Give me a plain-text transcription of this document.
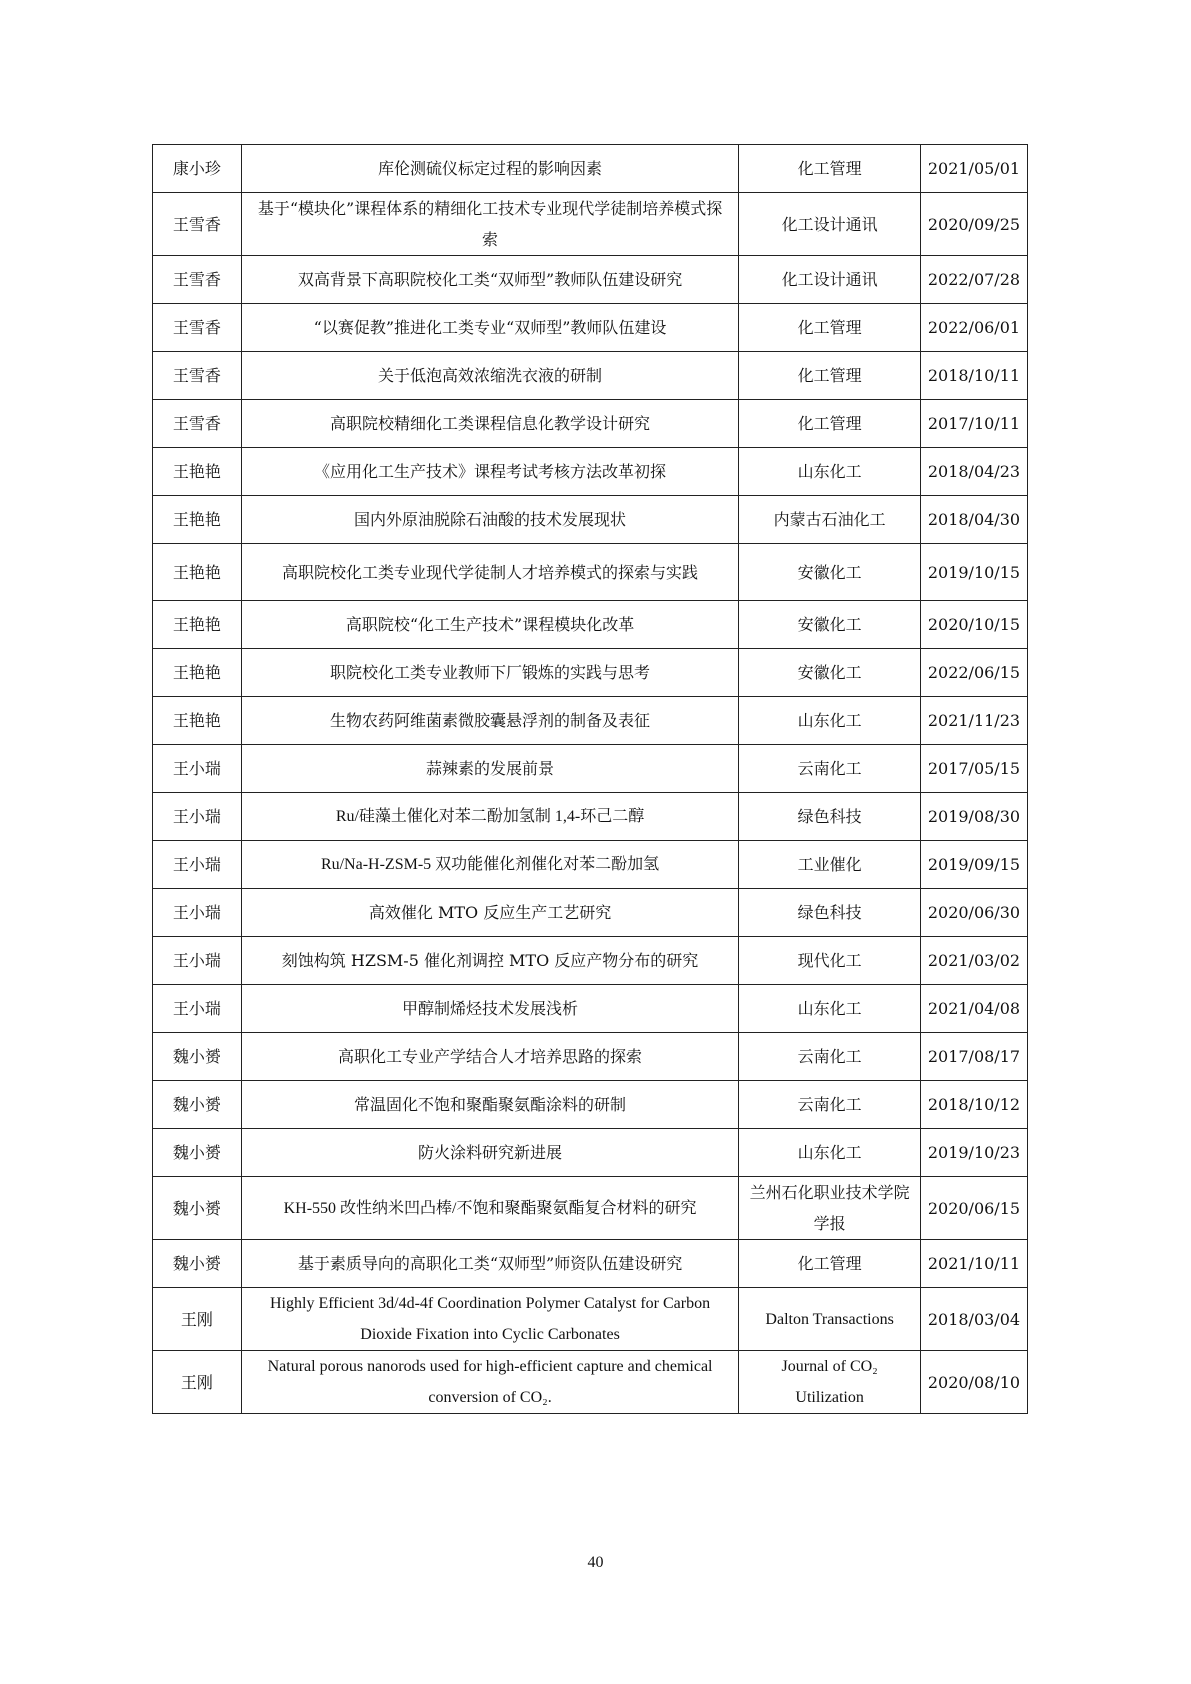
康小珍	库伦测硫仪标定过程的影响因素	化工管理	2021/05/01
王雪香	基于“模块化”课程体系的精细化工技术专业现代学徒制培养模式探索	化工设计通讯	2020/09/25
王雪香	双高背景下高职院校化工类“双师型”教师队伍建设研究	化工设计通讯	2022/07/28
王雪香	“以赛促教”推进化工类专业“双师型”教师队伍建设	化工管理	2022/06/01
王雪香	关于低泡高效浓缩洗衣液的研制	化工管理	2018/10/11
王雪香	高职院校精细化工类课程信息化教学设计研究	化工管理	2017/10/11
王艳艳	《应用化工生产技术》课程考试考核方法改革初探	山东化工	2018/04/23
王艳艳	国内外原油脱除石油酸的技术发展现状	内蒙古石油化工	2018/04/30
王艳艳	高职院校化工类专业现代学徒制人才培养模式的探索与实践	安徽化工	2019/10/15
王艳艳	高职院校“化工生产技术”课程模块化改革	安徽化工	2020/10/15
王艳艳	职院校化工类专业教师下厂锻炼的实践与思考	安徽化工	2022/06/15
王艳艳	生物农药阿维菌素微胶囊悬浮剂的制备及表征	山东化工	2021/11/23
王小瑞	蒜辣素的发展前景	云南化工	2017/05/15
王小瑞	Ru/硅藻土催化对苯二酚加氢制 1,4-环己二醇	绿色科技	2019/08/30
王小瑞	Ru/Na-H-ZSM-5 双功能催化剂催化对苯二酚加氢	工业催化	2019/09/15
王小瑞	高效催化 MTO 反应生产工艺研究	绿色科技	2020/06/30
王小瑞	刻蚀构筑 HZSM-5 催化剂调控 MTO 反应产物分布的研究	现代化工	2021/03/02
王小瑞	甲醇制烯烃技术发展浅析	山东化工	2021/04/08
魏小赟	高职化工专业产学结合人才培养思路的探索	云南化工	2017/08/17
魏小赟	常温固化不饱和聚酯聚氨酯涂料的研制	云南化工	2018/10/12
魏小赟	防火涂料研究新进展	山东化工	2019/10/23
魏小赟	KH-550 改性纳米凹凸棒/不饱和聚酯聚氨酯复合材料的研究	兰州石化职业技术学院学报	2020/06/15
魏小赟	基于素质导向的高职化工类“双师型”师资队伍建设研究	化工管理	2021/10/11
王刚	Highly Efficient 3d/4d-4f Coordination Polymer Catalyst for Carbon Dioxide Fixation into Cyclic Carbonates	Dalton Transactions	2018/03/04
王刚	Natural porous nanorods used for high-efficient capture and chemical conversion of CO₂.	Journal of CO₂ Utilization	2020/08/10
40
